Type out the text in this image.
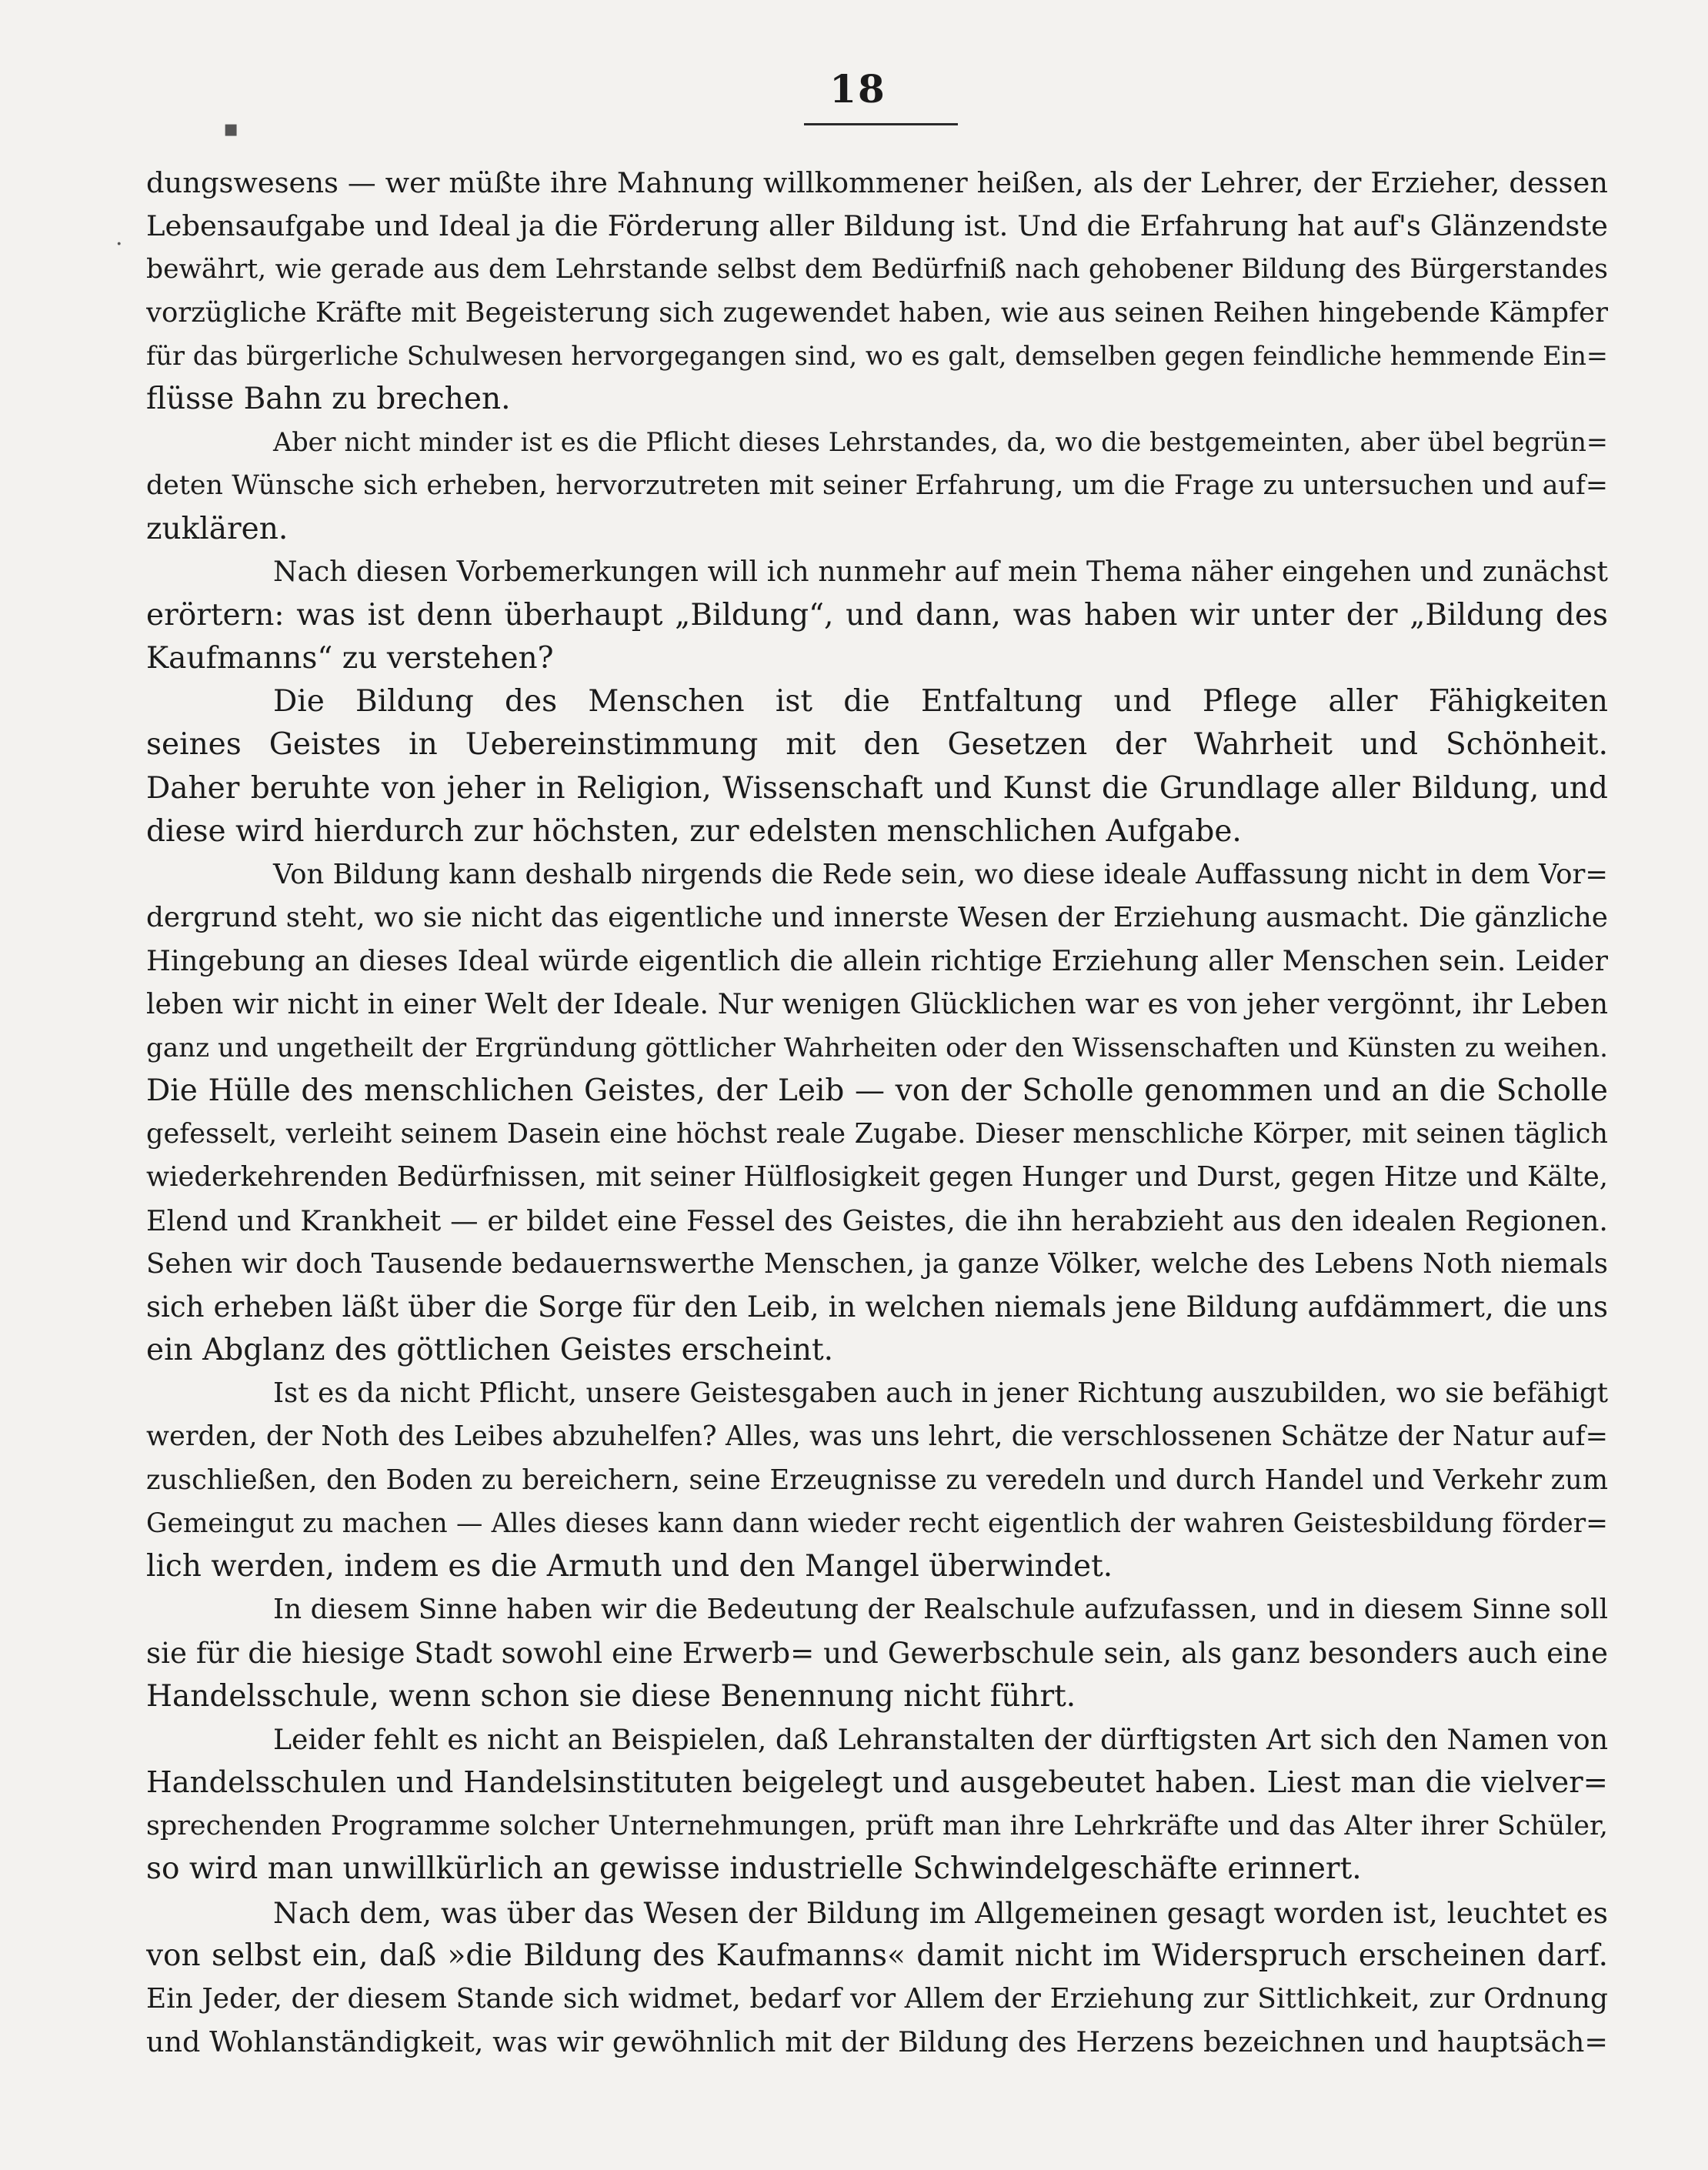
18
▪
·
dungswesens — wer müßte ihre Mahnung willkommener heißen, als der Lehrer, der Erzieher, dessen
Lebensaufgabe und Ideal ja die Förderung aller Bildung ist. Und die Erfahrung hat auf's Glänzendste
bewährt, wie gerade aus dem Lehrstande selbst dem Bedürfniß nach gehobener Bildung des Bürgerstandes
vorzügliche Kräfte mit Begeisterung sich zugewendet haben, wie aus seinen Reihen hingebende Kämpfer
für das bürgerliche Schulwesen hervorgegangen sind, wo es galt, demselben gegen feindliche hemmende Ein=
flüsse Bahn zu brechen.
Aber nicht minder ist es die Pflicht dieses Lehrstandes, da, wo die bestgemeinten, aber übel begrün=
deten Wünsche sich erheben, hervorzutreten mit seiner Erfahrung, um die Frage zu untersuchen und auf=
zuklären.
Nach diesen Vorbemerkungen will ich nunmehr auf mein Thema näher eingehen und zunächst
erörtern: was ist denn überhaupt „Bildung“, und dann, was haben wir unter der „Bildung des
Kaufmanns“ zu verstehen?
Die Bildung des Menschen ist die Entfaltung und Pflege aller Fähigkeiten
seines Geistes in Uebereinstimmung mit den Gesetzen der Wahrheit und Schönheit.
Daher beruhte von jeher in Religion, Wissenschaft und Kunst die Grundlage aller Bildung, und
diese wird hierdurch zur höchsten, zur edelsten menschlichen Aufgabe.
Von Bildung kann deshalb nirgends die Rede sein, wo diese ideale Auffassung nicht in dem Vor=
dergrund steht, wo sie nicht das eigentliche und innerste Wesen der Erziehung ausmacht. Die gänzliche
Hingebung an dieses Ideal würde eigentlich die allein richtige Erziehung aller Menschen sein. Leider
leben wir nicht in einer Welt der Ideale. Nur wenigen Glücklichen war es von jeher vergönnt, ihr Leben
ganz und ungetheilt der Ergründung göttlicher Wahrheiten oder den Wissenschaften und Künsten zu weihen.
Die Hülle des menschlichen Geistes, der Leib — von der Scholle genommen und an die Scholle
gefesselt, verleiht seinem Dasein eine höchst reale Zugabe. Dieser menschliche Körper, mit seinen täglich
wiederkehrenden Bedürfnissen, mit seiner Hülflosigkeit gegen Hunger und Durst, gegen Hitze und Kälte,
Elend und Krankheit — er bildet eine Fessel des Geistes, die ihn herabzieht aus den idealen Regionen.
Sehen wir doch Tausende bedauernswerthe Menschen, ja ganze Völker, welche des Lebens Noth niemals
sich erheben läßt über die Sorge für den Leib, in welchen niemals jene Bildung aufdämmert, die uns
ein Abglanz des göttlichen Geistes erscheint.
Ist es da nicht Pflicht, unsere Geistesgaben auch in jener Richtung auszubilden, wo sie befähigt
werden, der Noth des Leibes abzuhelfen? Alles, was uns lehrt, die verschlossenen Schätze der Natur auf=
zuschließen, den Boden zu bereichern, seine Erzeugnisse zu veredeln und durch Handel und Verkehr zum
Gemeingut zu machen — Alles dieses kann dann wieder recht eigentlich der wahren Geistesbildung förder=
lich werden, indem es die Armuth und den Mangel überwindet.
In diesem Sinne haben wir die Bedeutung der Realschule aufzufassen, und in diesem Sinne soll
sie für die hiesige Stadt sowohl eine Erwerb= und Gewerbschule sein, als ganz besonders auch eine
Handelsschule, wenn schon sie diese Benennung nicht führt.
Leider fehlt es nicht an Beispielen, daß Lehranstalten der dürftigsten Art sich den Namen von
Handelsschulen und Handelsinstituten beigelegt und ausgebeutet haben. Liest man die vielver=
sprechenden Programme solcher Unternehmungen, prüft man ihre Lehrkräfte und das Alter ihrer Schüler,
so wird man unwillkürlich an gewisse industrielle Schwindelgeschäfte erinnert.
Nach dem, was über das Wesen der Bildung im Allgemeinen gesagt worden ist, leuchtet es
von selbst ein, daß »die Bildung des Kaufmanns« damit nicht im Widerspruch erscheinen darf.
Ein Jeder, der diesem Stande sich widmet, bedarf vor Allem der Erziehung zur Sittlichkeit, zur Ordnung
und Wohlanständigkeit, was wir gewöhnlich mit der Bildung des Herzens bezeichnen und hauptsäch=
